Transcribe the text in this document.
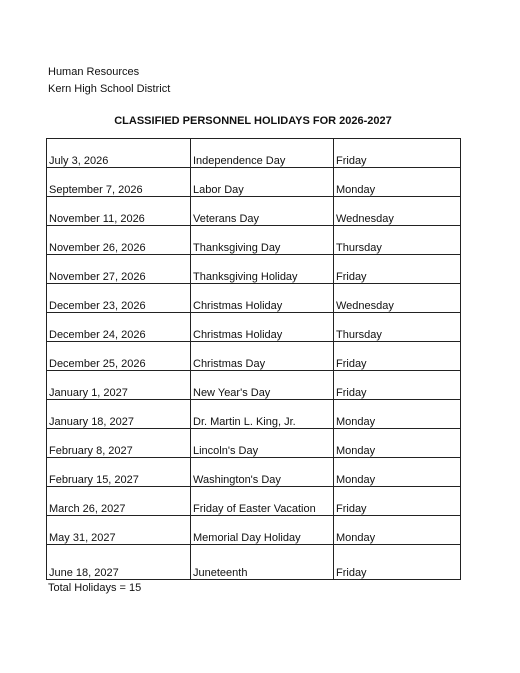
Human Resources
Kern High School District
CLASSIFIED PERSONNEL HOLIDAYS FOR 2026-2027
July 3, 2026	Independence Day	Friday
September 7, 2026	Labor Day	Monday
November 11, 2026	Veterans Day	Wednesday
November 26, 2026	Thanksgiving Day	Thursday
November 27, 2026	Thanksgiving Holiday	Friday
December 23, 2026	Christmas Holiday	Wednesday
December 24, 2026	Christmas Holiday	Thursday
December 25, 2026	Christmas Day	Friday
January 1, 2027	New Year's Day	Friday
January 18, 2027	Dr. Martin L. King, Jr.	Monday
February 8, 2027	Lincoln's Day	Monday
February 15, 2027	Washington's Day	Monday
March 26, 2027	Friday of Easter Vacation	Friday
May 31, 2027	Memorial Day Holiday	Monday
June 18, 2027	Juneteenth	Friday
Total Holidays = 15
